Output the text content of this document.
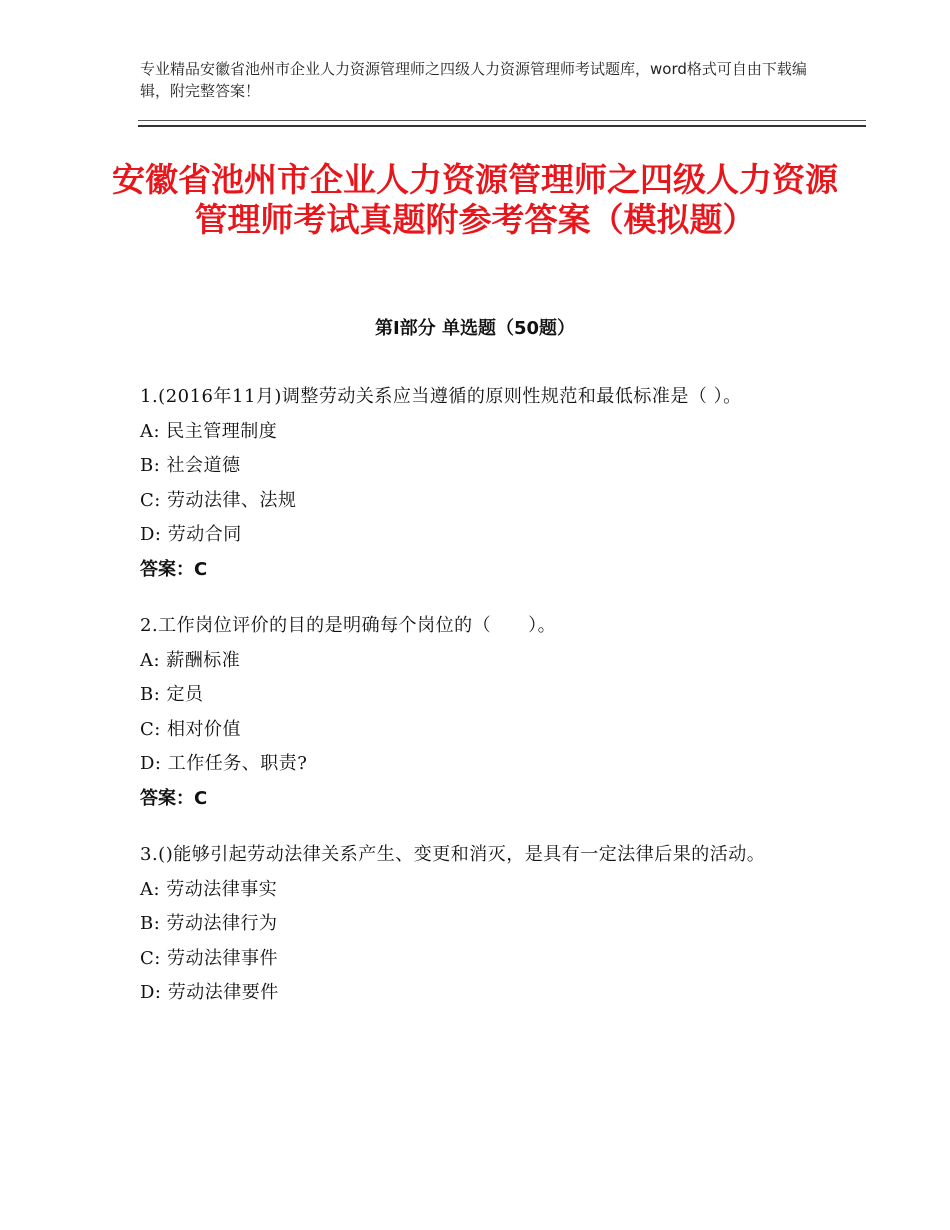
专业精品安徽省池州市企业人力资源管理师之四级人力资源管理师考试题库，word格式可自由下载编辑，附完整答案！
安徽省池州市企业人力资源管理师之四级人力资源管理师考试真题附参考答案（模拟题）
第Ⅰ部分 单选题（50题）
1.(2016年11月)调整劳动关系应当遵循的原则性规范和最低标准是（ ）。
A: 民主管理制度
B: 社会道德
C: 劳动法律、法规
D: 劳动合同
答案：C
2.工作岗位评价的目的是明确每个岗位的（　　）。
A: 薪酬标准
B: 定员
C: 相对价值
D: 工作任务、职责?
答案：C
3.()能够引起劳动法律关系产生、变更和消灭，是具有一定法律后果的活动。
A: 劳动法律事实
B: 劳动法律行为
C: 劳动法律事件
D: 劳动法律要件
